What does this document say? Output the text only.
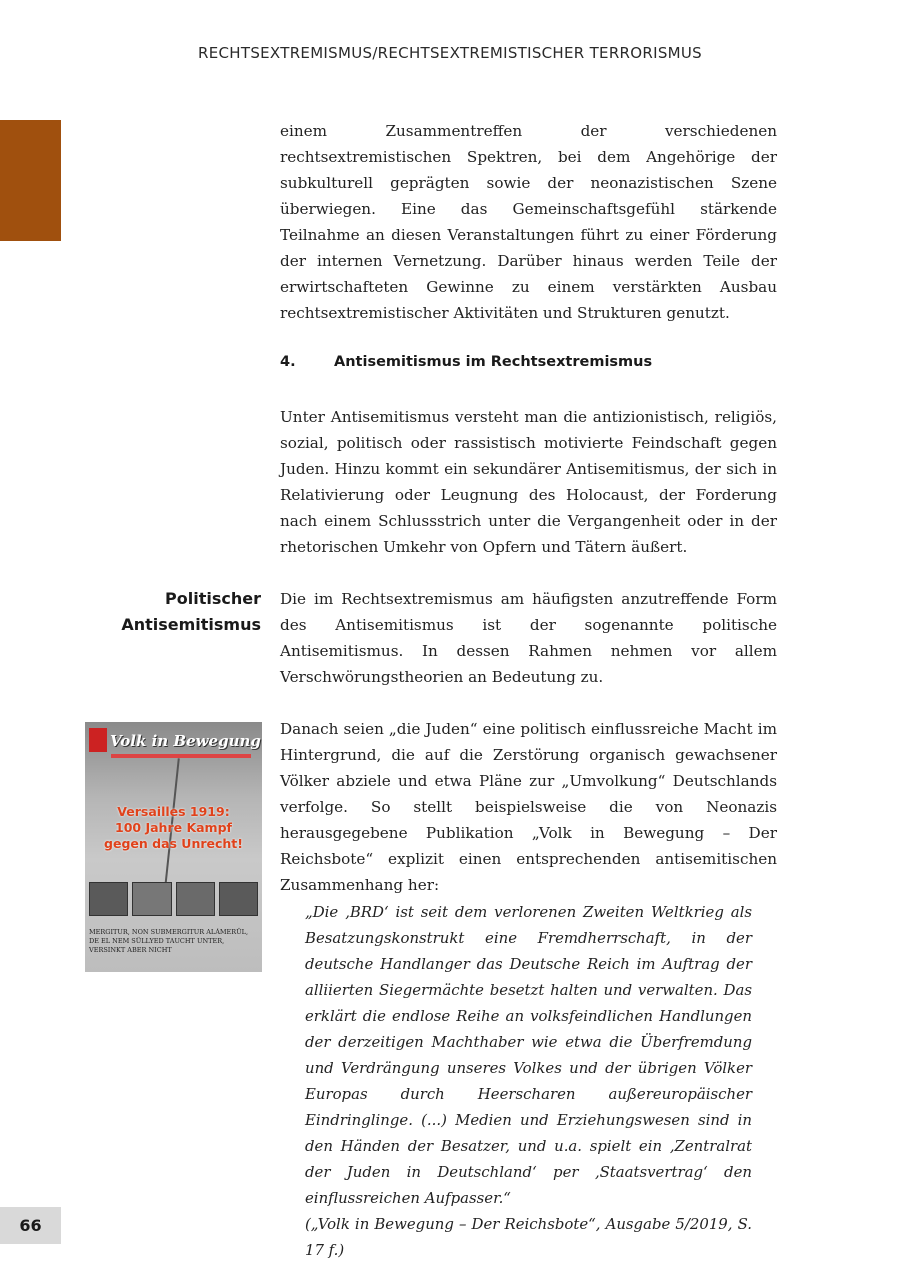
RECHTSEXTREMISMUS/RECHTSEXTREMISTISCHER TERRORISMUS

einem Zusammentreffen der verschiedenen rechtsextremistischen Spektren, bei dem Angehörige der subkulturell geprägten sowie der neonazistischen Szene überwiegen. Eine das Gemeinschaftsgefühl stärkende Teilnahme an diesen Veranstaltungen führt zu einer Förderung der internen Vernetzung. Darüber hinaus werden Teile der erwirtschafteten Gewinne zu einem verstärkten Ausbau rechtsextremistischer Aktivitäten und Strukturen genutzt.

4.	Antisemitismus im Rechtsextremismus

Unter Antisemitismus versteht man die antizionistisch, religiös, sozial, politisch oder rassistisch motivierte Feindschaft gegen Juden. Hinzu kommt ein sekundärer Antisemitismus, der sich in Relativierung oder Leugnung des Holocaust, der Forderung nach einem Schlussstrich unter die Vergangenheit oder in der rhetorischen Umkehr von Opfern und Tätern äußert.

Politischer
Antisemitismus

Die im Rechtsextremismus am häufigsten anzutreffende Form des Antisemitismus ist der sogenannte politische Antisemitismus. In dessen Rahmen nehmen vor allem Verschwörungstheorien an Bedeutung zu.

Volk in Bewegung
Versailles 1919:
100 Jahre Kampf
gegen das Unrecht!
MERGITUR, NON SUBMERGITUR ALÁMERÜL, DE EL NEM SÜLLYED TAUCHT UNTER, VERSINKT ABER NICHT

Danach seien „die Juden“ eine politisch einflussreiche Macht im Hintergrund, die auf die Zerstörung organisch gewachsener Völker abziele und etwa Pläne zur „Umvolkung“ Deutschlands verfolge. So stellt beispielsweise die von Neonazis herausgegebene Publikation „Volk in Bewegung – Der Reichsbote“ explizit einen entsprechenden antisemitischen Zusammenhang her:

„Die ‚BRD‘ ist seit dem verlorenen Zweiten Weltkrieg als Besatzungskonstrukt eine Fremdherrschaft, in der deutsche Handlanger das Deutsche Reich im Auftrag der alliierten Siegermächte besetzt halten und verwalten. Das erklärt die endlose Reihe an volksfeindlichen Handlungen der derzeitigen Machthaber wie etwa die Überfremdung und Verdrängung unseres Volkes und der übrigen Völker Europas durch Heerscharen außereuropäischer Eindringlinge. (...) Medien und Erziehungswesen sind in den Händen der Besatzer, und u.a. spielt ein ‚Zentralrat der Juden in Deutschland‘ per ‚Staatsvertrag‘ den einflussreichen Aufpasser.“
(„Volk in Bewegung – Der Reichsbote“, Ausgabe 5/2019, S. 17 f.)
66
